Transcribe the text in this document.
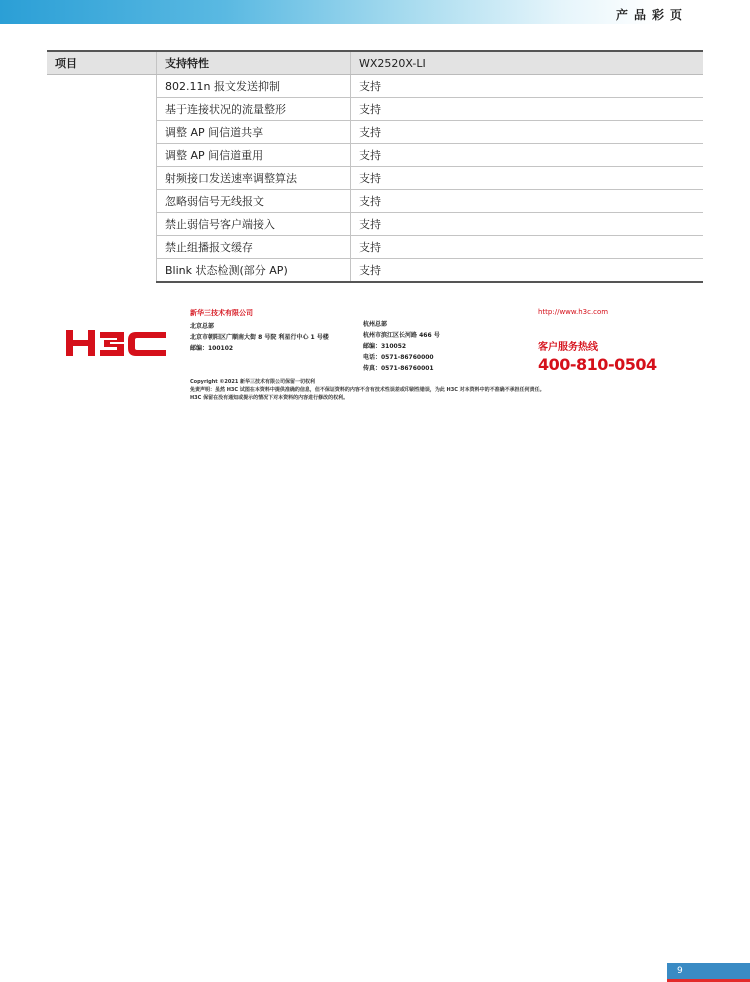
产品彩页
项目	支持特性	WX2520X-LI
	802.11n 报文发送抑制	支持
	基于连接状况的流量整形	支持
	调整 AP 间信道共享	支持
	调整 AP 间信道重用	支持
	射频接口发送速率调整算法	支持
	忽略弱信号无线报文	支持
	禁止弱信号客户端接入	支持
	禁止组播报文缓存	支持
	Blink 状态检测(部分 AP)	支持
新华三技术有限公司
北京总部
北京市朝阳区广顺南大街 8 号院 利星行中心 1 号楼
邮编：100102
杭州总部
杭州市滨江区长河路 466 号
邮编：310052
电话：0571-86760000
传真：0571-86760001
http://www.h3c.com
客户服务热线
400-810-0504
Copyright ©2021 新华三技术有限公司保留一切权利
免责声明：虽然 H3C 试图在本资料中提供准确的信息，但不保证资料的内容不含有技术性误差或印刷性错误，为此 H3C 对本资料中的不准确不承担任何责任。
H3C 保留在没有通知或提示的情况下对本资料的内容进行修改的权利。
9
